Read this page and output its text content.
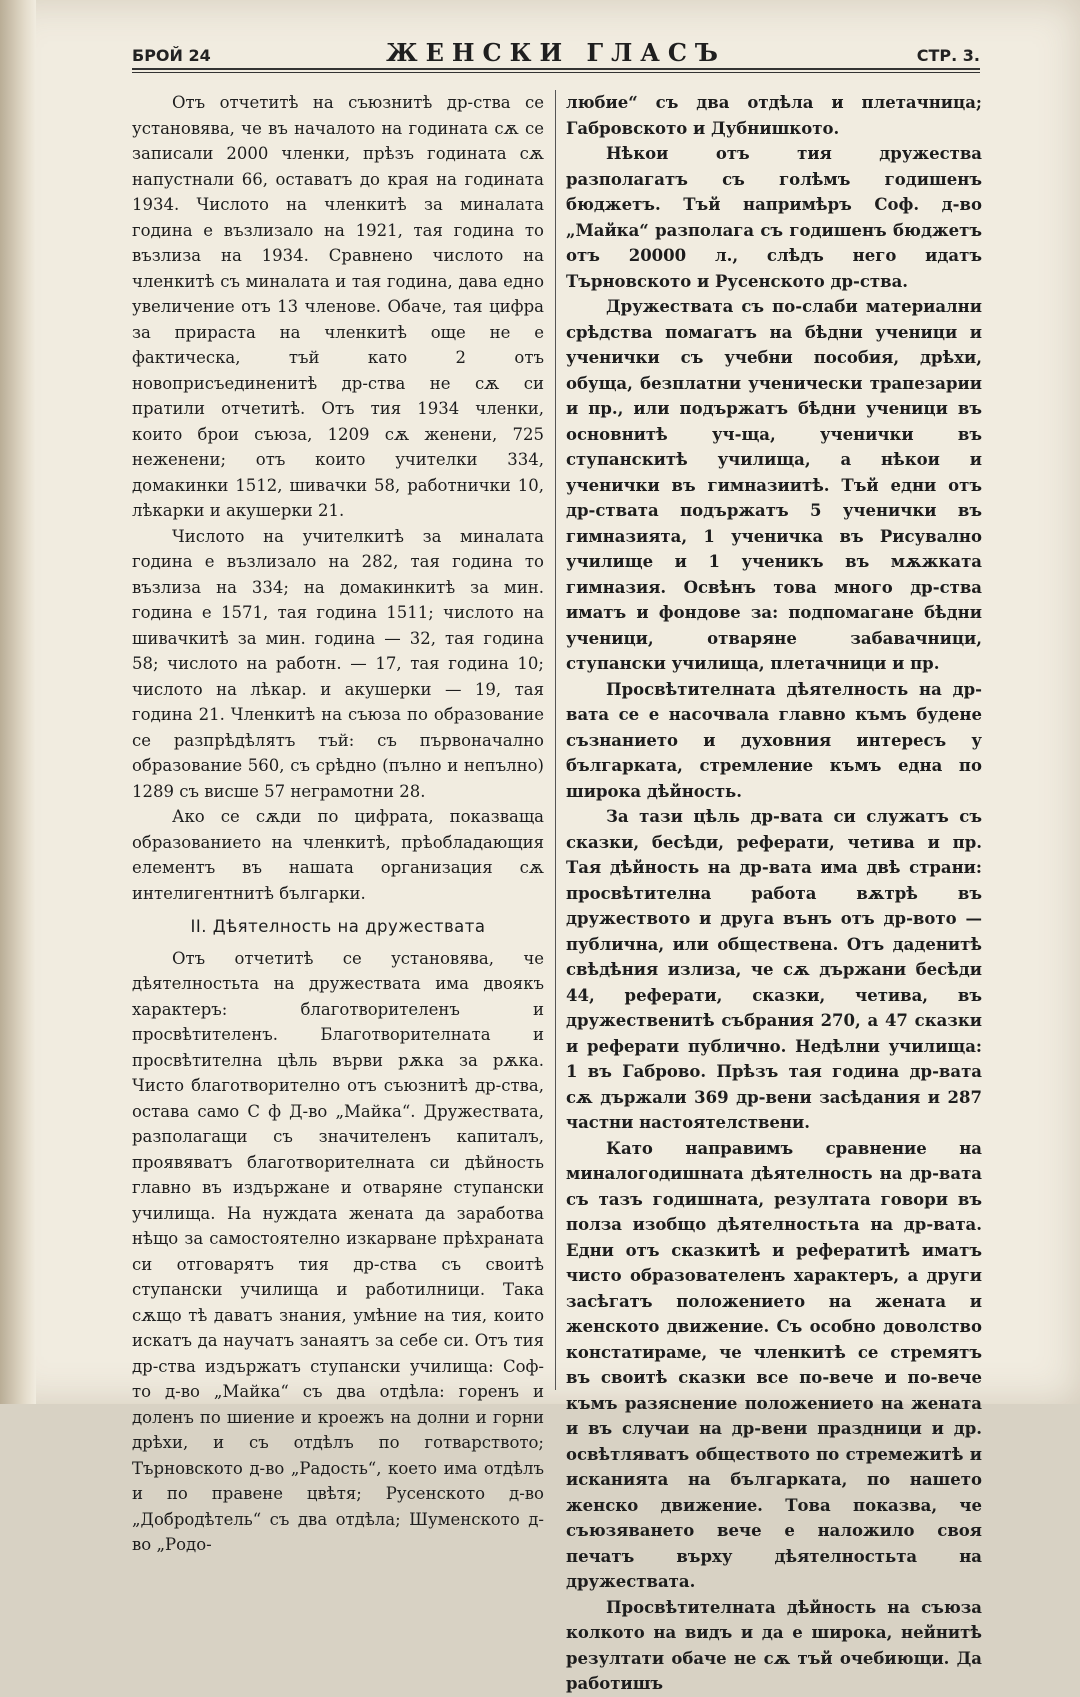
БРОЙ 24	ЖЕНСКИ ГЛАСЪ	СТР. 3.

Отъ отчетитѣ на съюзнитѣ др-ства се установява, че въ началото на годината сѫ се записали 2000 членки, прѣзъ годината сѫ напустнали 66, оставатъ до края на годината 1934. Числото на членкитѣ за миналата година е възлизало на 1921, тая година то възлиза на 1934. Сравнено числото на членкитѣ съ миналата и тая година, дава едно увеличение отъ 13 членове. Обаче, тая цифра за прираста на членкитѣ още не е фактическа, тъй като 2 отъ новоприсъединенитѣ др-ства не сѫ си пратили отчетитѣ. Отъ тия 1934 членки, които брои съюза, 1209 сѫ женени, 725 неженени; отъ които учителки 334, домакинки 1512, шивачки 58, работнички 10, лѣкарки и акушерки 21.

Числото на учителкитѣ за миналата година е възлизало на 282, тая година то възлиза на 334; на домакинкитѣ за мин. година е 1571, тая година 1511; числото на шивачкитѣ за мин. година — 32, тая година 58; числото на работн. — 17, тая година 10; числото на лѣкар. и акушерки — 19, тая година 21. Членкитѣ на съюза по образование се разпрѣдѣлятъ тъй: съ първоначално образование 560, съ срѣдно (пълно и непълно) 1289 съ висше 57 неграмотни 28.

Ако се сѫди по цифрата, показваща образованието на членкитѣ, прѣобладающия елементъ въ нашата организация сѫ интелигентнитѣ българки.

II. Дѣятелность на дружествата

Отъ отчетитѣ се установява, че дѣятелностьта на дружествата има двоякъ характеръ: благотворителенъ и просвѣтителенъ. Благотворителната и просвѣтителна цѣль върви рѫка за рѫка. Чисто благотворително отъ съюзнитѣ др-ства, остава само С ф Д-во „Майка“. Дружествата, разполагащи съ значителенъ капиталъ, проявяватъ благотворителната си дѣйность главно въ издържане и отваряне ступански училища. На нуждата жената да заработва нѣщо за самостоятелно изкарване прѣхраната си отговарятъ тия др-ства съ своитѣ ступански училища и работилници. Така сѫщо тѣ даватъ знания, умѣние на тия, които искатъ да научатъ занаятъ за себе си. Отъ тия др-ства издържатъ ступански училища: Соф-то д-во „Майка“ съ два отдѣла: горенъ и доленъ по шиение и кроежъ на долни и горни дрѣхи, и съ отдѣлъ по готварството; Търновското д-во „Радость“, което има отдѣлъ и по правене цвѣтя; Русенското д-во „Добродѣтель“ съ два отдѣла; Шуменското д-во „Родо-

любие“ съ два отдѣла и плетачница; Габровското и Дубнишкото.

Нѣкои отъ тия дружества разполагатъ съ голѣмъ годишенъ бюджетъ. Тъй напримѣръ Соф. д-во „Майка“ разполага съ годишенъ бюджетъ отъ 20000 л., слѣдъ него идатъ Търновското и Русенското др-ства.

Дружествата съ по-слаби материални срѣдства помагатъ на бѣдни ученици и ученички съ учебни пособия, дрѣхи, обуща, безплатни ученически трапезарии и пр., или подържатъ бѣдни ученици въ основнитѣ уч-ща, ученички въ ступанскитѣ училища, а нѣкои и ученички въ гимназиитѣ. Тъй едни отъ др-ствата подържатъ 5 ученички въ гимназията, 1 ученичка въ Рисувално училище и 1 ученикъ въ мѫжката гимназия. Освѣнъ това много др-ства иматъ и фондове за: подпомагане бѣдни ученици, отваряне забавачници, ступански училища, плетачници и пр.

Просвѣтителната дѣятелность на др-вата се е насочвала главно къмъ будене съзнанието и духовния интересъ у българката, стремление къмъ една по широка дѣйность.

За тази цѣль др-вата си служатъ съ сказки, бесѣди, реферати, четива и пр. Тая дѣйность на др-вата има двѣ страни: просвѣтителна работа вѫтрѣ въ дружеството и друга вънъ отъ др-вото — публична, или обществена. Отъ даденитѣ свѣдѣния излиза, че сѫ държани бесѣди 44, реферати, сказки, четива, въ дружественитѣ събрания 270, а 47 сказки и реферати публично. Недѣлни училища: 1 въ Габрово. Прѣзъ тая година др-вата сѫ държали 369 др-вени засѣдания и 287 частни настоятелствени.

Като направимъ сравнение на миналогодишната дѣятелность на др-вата съ тазъ годишната, резултата говори въ полза изобщо дѣятелностьта на др-вата. Едни отъ сказкитѣ и рефератитѣ иматъ чисто образователенъ характеръ, а други засѣгатъ положението на жената и женското движение. Съ особно доволство констатираме, че членкитѣ се стремятъ въ своитѣ сказки все по-вече и по-вече къмъ разяснение положението на жената и въ случаи на др-вени праздници и др. освѣтляватъ обществото по стремежитѣ и исканията на българката, по нашето женско движение. Това показва, че съюзяването вече е наложило своя печатъ върху дѣятелностьта на дружествата.

Просвѣтителната дѣйность на съюза колкото на видъ и да е широка, нейнитѣ резултати обаче не сѫ тъй очебиющи. Да работишъ
